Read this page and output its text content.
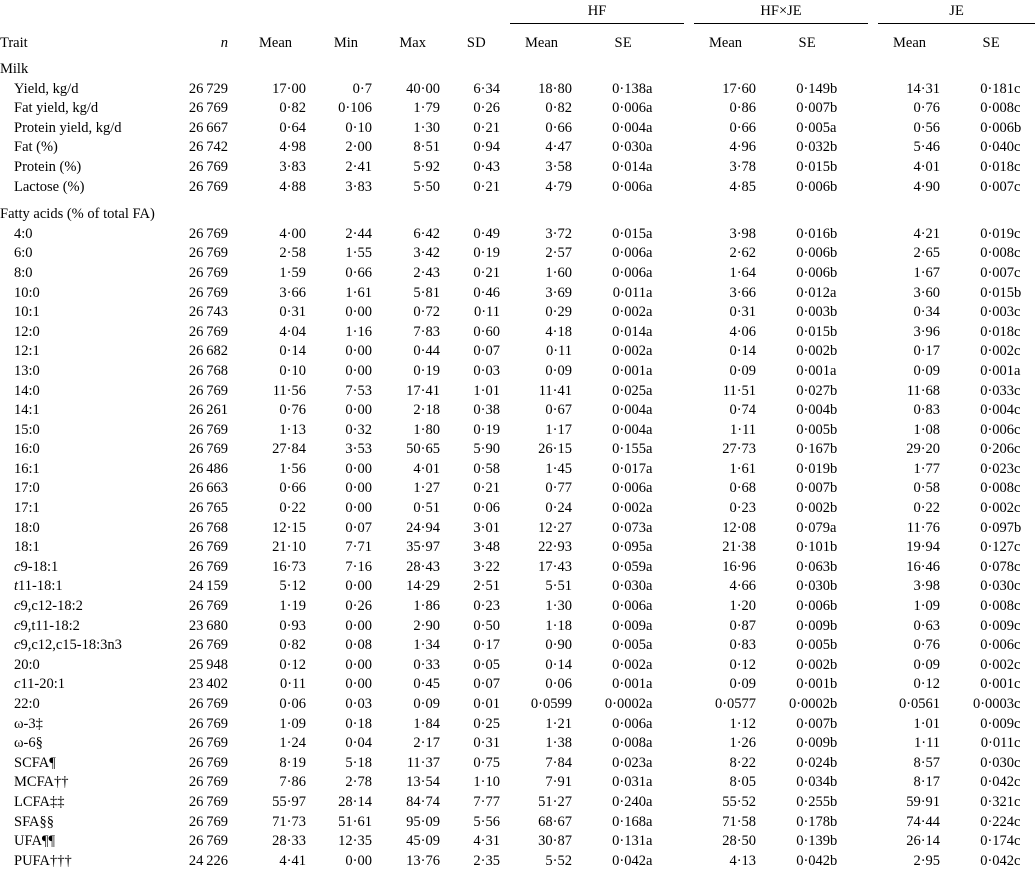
							HF				HF×JE				JE		
Trait	n	Mean	Min	Max	SD		Mean	SE			Mean	SE			Mean	SE	
Milk																	
Yield, kg/d	26 729	17·00	0·7	40·00	6·34		18·80	0·138	a		17·60	0·149	b		14·31	0·181	c
Fat yield, kg/d	26 769	0·82	0·106	1·79	0·26		0·82	0·006	a		0·86	0·007	b		0·76	0·008	c
Protein yield, kg/d	26 667	0·64	0·10	1·30	0·21		0·66	0·004	a		0·66	0·005	a		0·56	0·006	b
Fat (%)	26 742	4·98	2·00	8·51	0·94		4·47	0·030	a		4·96	0·032	b		5·46	0·040	c
Protein (%)	26 769	3·83	2·41	5·92	0·43		3·58	0·014	a		3·78	0·015	b		4·01	0·018	c
Lactose (%)	26 769	4·88	3·83	5·50	0·21		4·79	0·006	a		4·85	0·006	b		4·90	0·007	c

Fatty acids (% of total FA)																	
4:0	26 769	4·00	2·44	6·42	0·49		3·72	0·015	a		3·98	0·016	b		4·21	0·019	c
6:0	26 769	2·58	1·55	3·42	0·19		2·57	0·006	a		2·62	0·006	b		2·65	0·008	c
8:0	26 769	1·59	0·66	2·43	0·21		1·60	0·006	a		1·64	0·006	b		1·67	0·007	c
10:0	26 769	3·66	1·61	5·81	0·46		3·69	0·011	a		3·66	0·012	a		3·60	0·015	b
10:1	26 743	0·31	0·00	0·72	0·11		0·29	0·002	a		0·31	0·003	b		0·34	0·003	c
12:0	26 769	4·04	1·16	7·83	0·60		4·18	0·014	a		4·06	0·015	b		3·96	0·018	c
12:1	26 682	0·14	0·00	0·44	0·07		0·11	0·002	a		0·14	0·002	b		0·17	0·002	c
13:0	26 768	0·10	0·00	0·19	0·03		0·09	0·001	a		0·09	0·001	a		0·09	0·001	a
14:0	26 769	11·56	7·53	17·41	1·01		11·41	0·025	a		11·51	0·027	b		11·68	0·033	c
14:1	26 261	0·76	0·00	2·18	0·38		0·67	0·004	a		0·74	0·004	b		0·83	0·004	c
15:0	26 769	1·13	0·32	1·80	0·19		1·17	0·004	a		1·11	0·005	b		1·08	0·006	c
16:0	26 769	27·84	3·53	50·65	5·90		26·15	0·155	a		27·73	0·167	b		29·20	0·206	c
16:1	26 486	1·56	0·00	4·01	0·58		1·45	0·017	a		1·61	0·019	b		1·77	0·023	c
17:0	26 663	0·66	0·00	1·27	0·21		0·77	0·006	a		0·68	0·007	b		0·58	0·008	c
17:1	26 765	0·22	0·00	0·51	0·06		0·24	0·002	a		0·23	0·002	b		0·22	0·002	c
18:0	26 768	12·15	0·07	24·94	3·01		12·27	0·073	a		12·08	0·079	a		11·76	0·097	b
18:1	26 769	21·10	7·71	35·97	3·48		22·93	0·095	a		21·38	0·101	b		19·94	0·127	c
c9-18:1	26 769	16·73	7·16	28·43	3·22		17·43	0·059	a		16·96	0·063	b		16·46	0·078	c
t11-18:1	24 159	5·12	0·00	14·29	2·51		5·51	0·030	a		4·66	0·030	b		3·98	0·030	c
c9,c12-18:2	26 769	1·19	0·26	1·86	0·23		1·30	0·006	a		1·20	0·006	b		1·09	0·008	c
c9,t11-18:2	23 680	0·93	0·00	2·90	0·50		1·18	0·009	a		0·87	0·009	b		0·63	0·009	c
c9,c12,c15-18:3n3	26 769	0·82	0·08	1·34	0·17		0·90	0·005	a		0·83	0·005	b		0·76	0·006	c
20:0	25 948	0·12	0·00	0·33	0·05		0·14	0·002	a		0·12	0·002	b		0·09	0·002	c
c11-20:1	23 402	0·11	0·00	0·45	0·07		0·06	0·001	a		0·09	0·001	b		0·12	0·001	c
22:0	26 769	0·06	0·03	0·09	0·01		0·0599	0·0002	a		0·0577	0·0002	b		0·0561	0·0003	c
ω-3‡	26 769	1·09	0·18	1·84	0·25		1·21	0·006	a		1·12	0·007	b		1·01	0·009	c
ω-6§	26 769	1·24	0·04	2·17	0·31		1·38	0·008	a		1·26	0·009	b		1·11	0·011	c
SCFA¶	26 769	8·19	5·18	11·37	0·75		7·84	0·023	a		8·22	0·024	b		8·57	0·030	c
MCFA††	26 769	7·86	2·78	13·54	1·10		7·91	0·031	a		8·05	0·034	b		8·17	0·042	c
LCFA‡‡	26 769	55·97	28·14	84·74	7·77		51·27	0·240	a		55·52	0·255	b		59·91	0·321	c
SFA§§	26 769	71·73	51·61	95·09	5·56		68·67	0·168	a		71·58	0·178	b		74·44	0·224	c
UFA¶¶	26 769	28·33	12·35	45·09	4·31		30·87	0·131	a		28·50	0·139	b		26·14	0·174	c
PUFA†††	24 226	4·41	0·00	13·76	2·35		5·52	0·042	a		4·13	0·042	b		2·95	0·042	c
